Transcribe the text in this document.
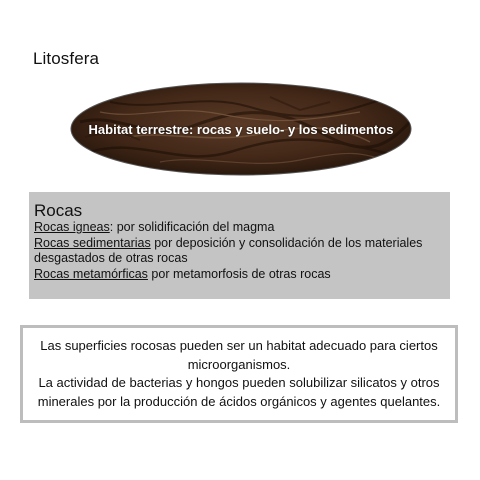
Litosfera
Habitat terrestre: rocas y suelo- y los sedimentos
Rocas
Rocas igneas: por solidificación del magma
Rocas sedimentarias por deposición y consolidación de los materiales desgastados de otras rocas
Rocas metamórficas por metamorfosis de otras rocas

Las superficies rocosas pueden ser un habitat adecuado para ciertos microorganismos.

La actividad de bacterias y hongos pueden solubilizar silicatos y otros minerales por la producción de ácidos orgánicos y agentes quelantes.
